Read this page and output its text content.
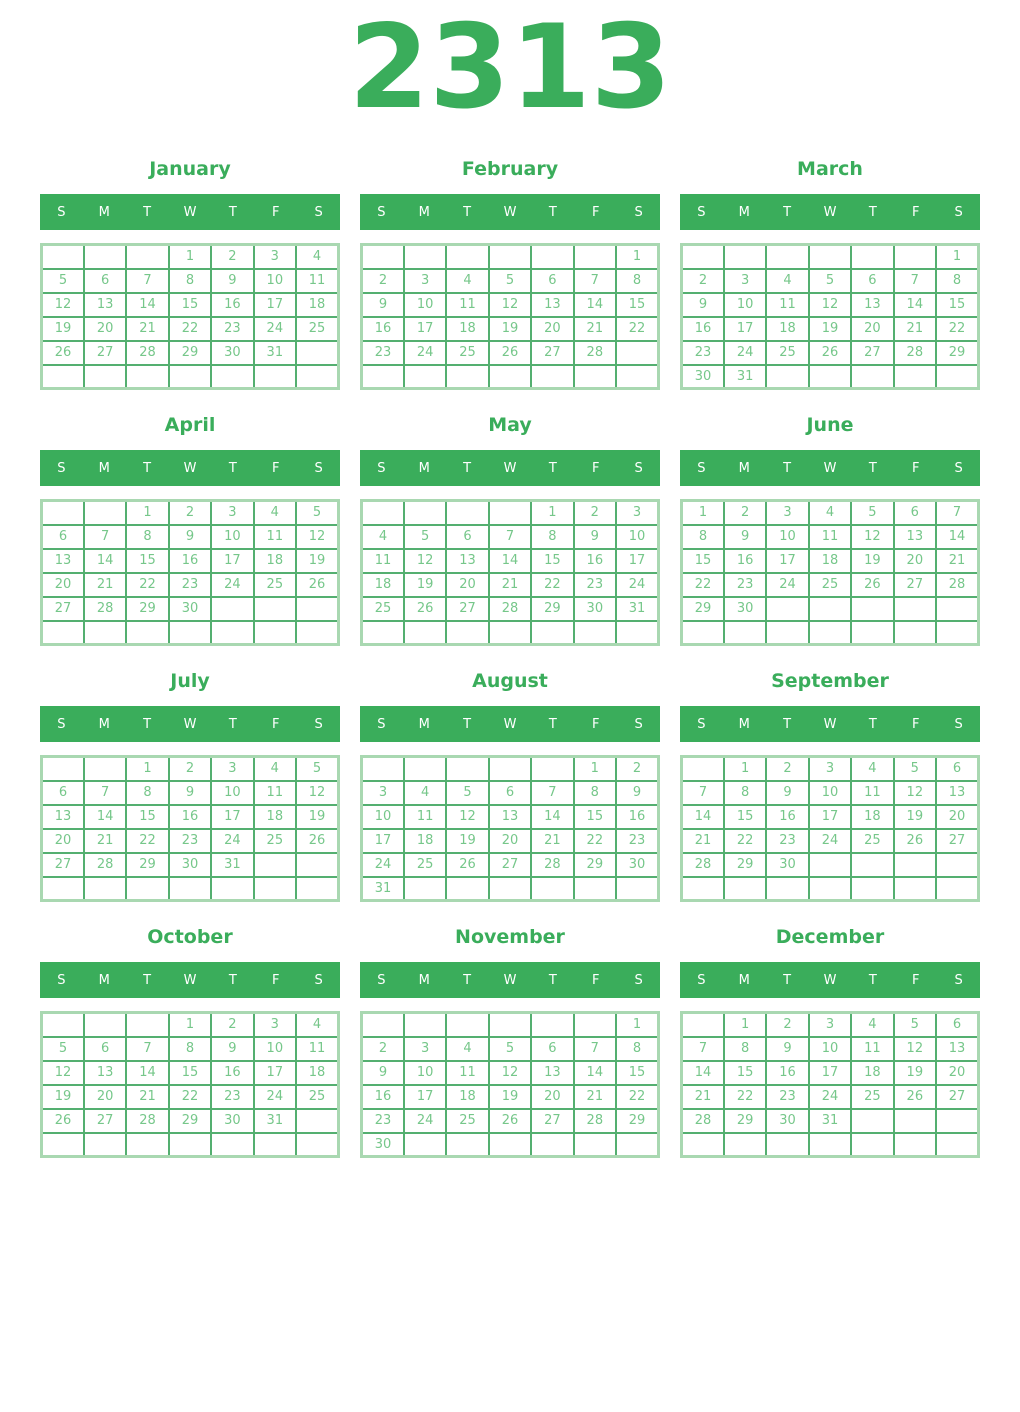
2313
January
S	M	T	W	T	F	S
			1	2	3	4
5	6	7	8	9	10	11
12	13	14	15	16	17	18
19	20	21	22	23	24	25
26	27	28	29	30	31	

February
S	M	T	W	T	F	S
						1
2	3	4	5	6	7	8
9	10	11	12	13	14	15
16	17	18	19	20	21	22
23	24	25	26	27	28	

March
S	M	T	W	T	F	S
						1
2	3	4	5	6	7	8
9	10	11	12	13	14	15
16	17	18	19	20	21	22
23	24	25	26	27	28	29
30	31					
April
S	M	T	W	T	F	S
		1	2	3	4	5
6	7	8	9	10	11	12
13	14	15	16	17	18	19
20	21	22	23	24	25	26
27	28	29	30			

May
S	M	T	W	T	F	S
				1	2	3
4	5	6	7	8	9	10
11	12	13	14	15	16	17
18	19	20	21	22	23	24
25	26	27	28	29	30	31

June
S	M	T	W	T	F	S
1	2	3	4	5	6	7
8	9	10	11	12	13	14
15	16	17	18	19	20	21
22	23	24	25	26	27	28
29	30					

July
S	M	T	W	T	F	S
		1	2	3	4	5
6	7	8	9	10	11	12
13	14	15	16	17	18	19
20	21	22	23	24	25	26
27	28	29	30	31		

August
S	M	T	W	T	F	S
					1	2
3	4	5	6	7	8	9
10	11	12	13	14	15	16
17	18	19	20	21	22	23
24	25	26	27	28	29	30
31						
September
S	M	T	W	T	F	S
	1	2	3	4	5	6
7	8	9	10	11	12	13
14	15	16	17	18	19	20
21	22	23	24	25	26	27
28	29	30				

October
S	M	T	W	T	F	S
			1	2	3	4
5	6	7	8	9	10	11
12	13	14	15	16	17	18
19	20	21	22	23	24	25
26	27	28	29	30	31	

November
S	M	T	W	T	F	S
						1
2	3	4	5	6	7	8
9	10	11	12	13	14	15
16	17	18	19	20	21	22
23	24	25	26	27	28	29
30						
December
S	M	T	W	T	F	S
	1	2	3	4	5	6
7	8	9	10	11	12	13
14	15	16	17	18	19	20
21	22	23	24	25	26	27
28	29	30	31			
